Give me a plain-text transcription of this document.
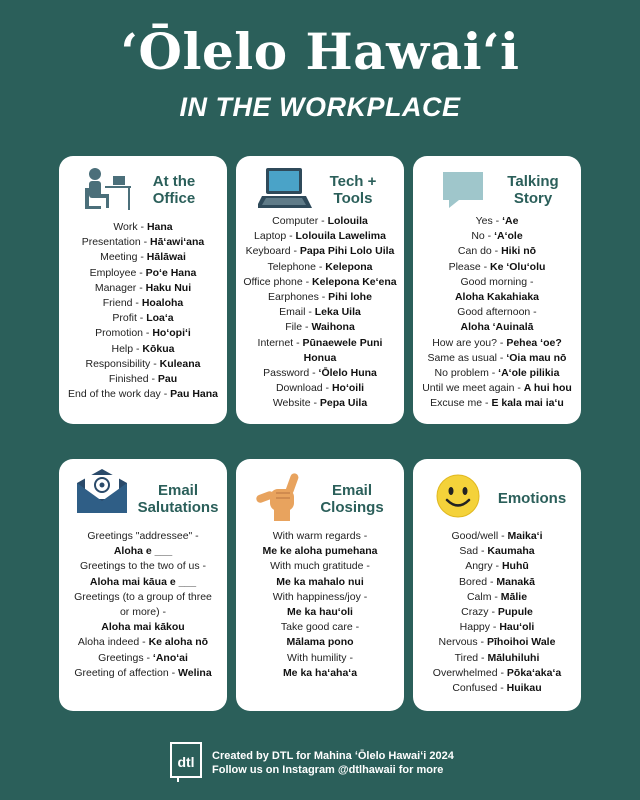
ʻŌlelo Hawaiʻi
IN THE WORKPLACE
At the
Office
Work - Hana
Presentation - Hāʻawiʻana
Meeting - Hālāwai
Employee - Poʻe Hana
Manager - Haku Nui
Friend - Hoaloha
Profit - Loaʻa
Promotion - Hoʻopiʻi
Help - Kōkua
Responsibility - Kuleana
Finished - Pau
End of the work day - Pau Hana
Tech +
Tools
Computer - Lolouila
Laptop - Lolouila Lawelima
Keyboard - Papa Pihi Lolo Uila
Telephone - Kelepona
Office phone - Kelepona Keʻena
Earphones - Pihi lohe
Email - Leka Uila
File - Waihona
Internet - Pūnaewele Puni
Honua
Password - ʻŌlelo Huna
Download - Hoʻoili
Website - Pepa Uila
Talking
Story
Yes - ʻAe
No - ʻAʻole
Can do - Hiki nō
Please - Ke ʻOluʻolu
Good morning -
Aloha Kakahiaka
Good afternoon -
Aloha ʻAuinalā
How are you? - Pehea ʻoe?
Same as usual - ʻOia mau nō
No problem - ʻAʻole pilikia
Until we meet again - A hui hou
Excuse me - E kala mai iaʻu
Email
Salutations
Greetings "addressee" -
Aloha e ___
Greetings to the two of us -
Aloha mai kāua e ___
Greetings (to a group of three
or more) -
Aloha mai kākou
Aloha indeed - Ke aloha nō
Greetings - ʻAnoʻai
Greeting of affection - Welina
Email
Closings
With warm regards -
Me ke aloha pumehana
With much gratitude -
Me ka mahalo nui
With happiness/joy -
Me ka hauʻoli
Take good care -
Mālama pono
With humility -
Me ka haʻahaʻa
Emotions
Good/well - Maikaʻi
Sad - Kaumaha
Angry - Huhū
Bored - Manakā
Calm - Mālie
Crazy - Pupule
Happy - Hauʻoli
Nervous - Pīhoihoi Wale
Tired - Māluhiluhi
Overwhelmed - Pōkaʻakaʻa
Confused - Huikau
dtl Created by DTL for Mahina ʻŌlelo Hawaiʻi 2024
Follow us on Instagram @dtlhawaii for more
